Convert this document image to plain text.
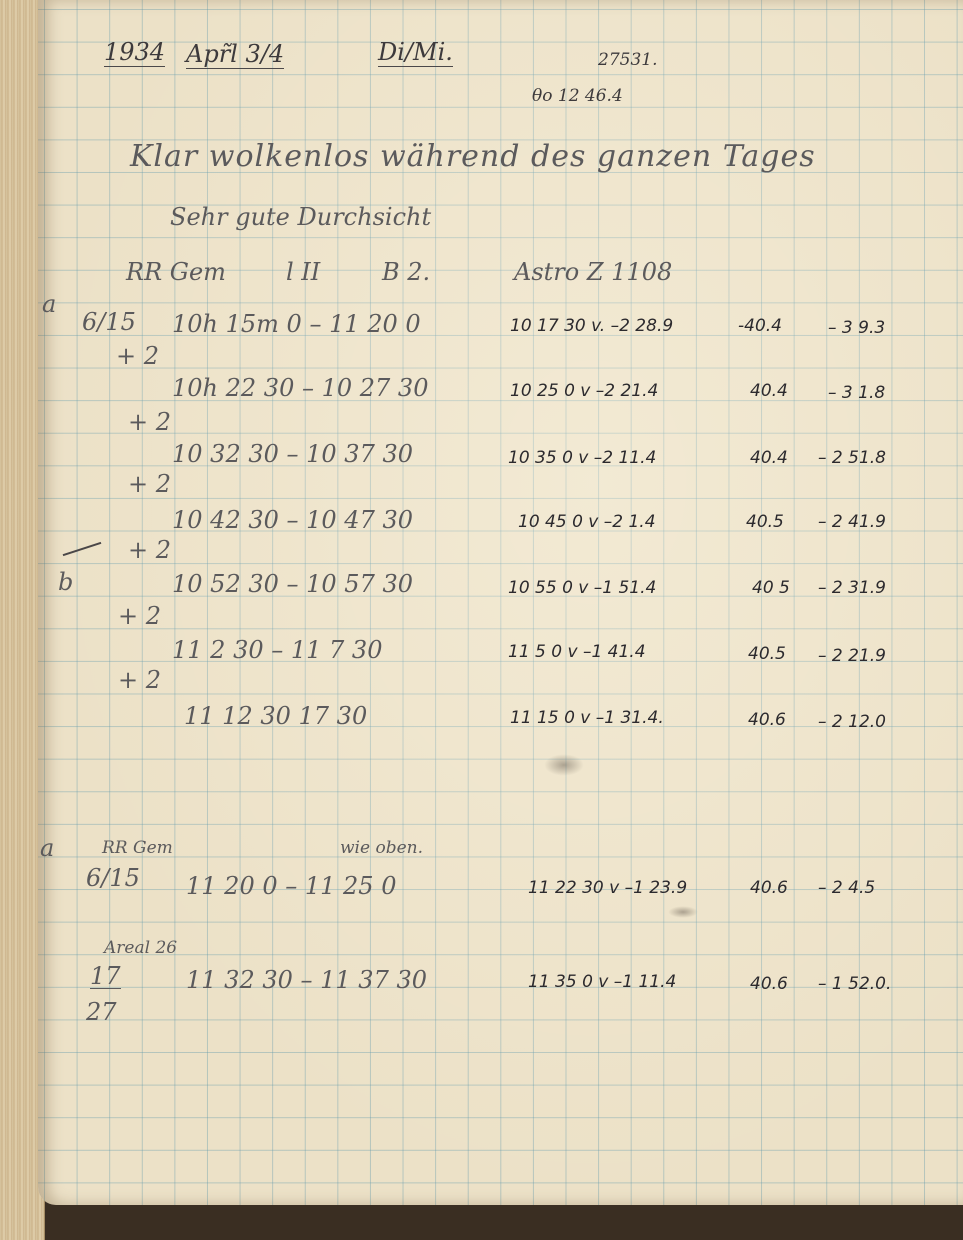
1934 Apr̃l 3/4	Di/Mi.	27531.
θo 12 46.4
Klar wolkenlos während des ganzen Tages
Sehr gute Durchsicht
RR Gem	l II	B 2.	Astro Z 1108
a
6/15 10h 15m 0 – 11 20 0	10 17 30 v. –2 28.9	-40.4	– 3 9.3
+ 2
10h 22 30 – 10 27 30	10 25 0 v –2 21.4	40.4 – 3 1.8
+ 2
10 32 30 – 10 37 30	10 35 0 v –2 11.4	40.4 – 2 51.8
+ 2
10 42 30 – 10 47 30	10 45 0 v –2 1.4	40.5 – 2 41.9
+ 2
b	10 52 30 – 10 57 30	10 55 0 v –1 51.4	40 5 – 2 31.9
+ 2
11 2 30 – 11 7 30	11 5 0 v –1 41.4	40.5 – 2 21.9
+ 2
11 12 30 17 30	11 15 0 v –1 31.4.	40.6 – 2 12.0
a	RR Gem	wie oben.
6/15 11 20 0 – 11 25 0	11 22 30 v –1 23.9	40.6 – 2 4.5
Areal 26
17
27
11 32 30 – 11 37 30	11 35 0 v –1 11.4	40.6 – 1 52.0.
